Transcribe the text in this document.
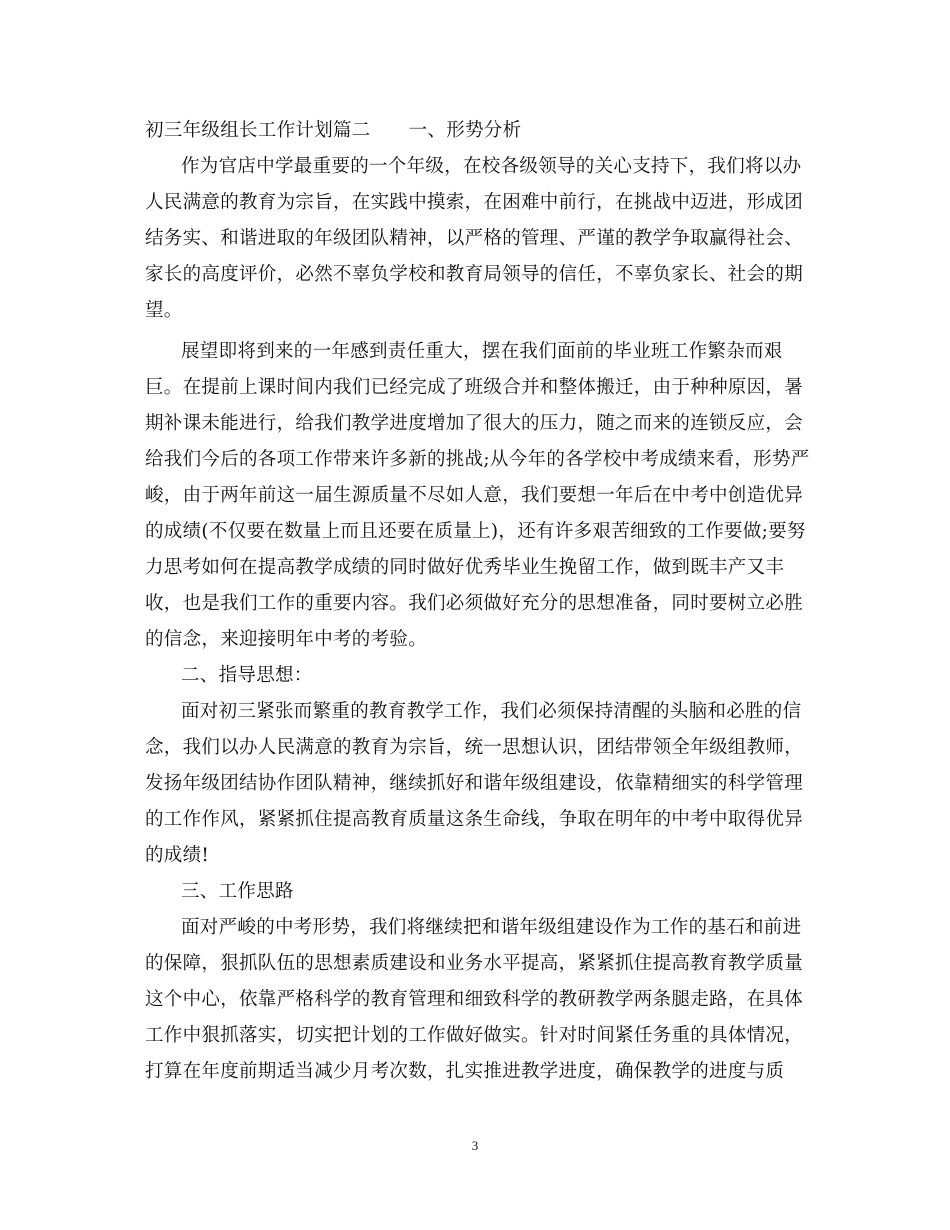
初三年级组长工作计划篇二 一、形势分析
作为官店中学最重要的一个年级，在校各级领导的关心支持下，我们将以办
人民满意的教育为宗旨，在实践中摸索，在困难中前行，在挑战中迈进，形成团
结务实、和谐进取的年级团队精神，以严格的管理、严谨的教学争取赢得社会、
家长的高度评价，必然不辜负学校和教育局领导的信任，不辜负家长、社会的期
望。
展望即将到来的一年感到责任重大，摆在我们面前的毕业班工作繁杂而艰
巨。在提前上课时间内我们已经完成了班级合并和整体搬迁，由于种种原因，暑
期补课未能进行，给我们教学进度增加了很大的压力，随之而来的连锁反应，会
给我们今后的各项工作带来许多新的挑战;从今年的各学校中考成绩来看，形势严
峻，由于两年前这一届生源质量不尽如人意，我们要想一年后在中考中创造优异
的成绩(不仅要在数量上而且还要在质量上)，还有许多艰苦细致的工作要做;要努
力思考如何在提高教学成绩的同时做好优秀毕业生挽留工作，做到既丰产又丰
收，也是我们工作的重要内容。我们必须做好充分的思想准备，同时要树立必胜
的信念，来迎接明年中考的考验。
二、指导思想：
面对初三紧张而繁重的教育教学工作，我们必须保持清醒的头脑和必胜的信
念，我们以办人民满意的教育为宗旨，统一思想认识，团结带领全年级组教师，
发扬年级团结协作团队精神，继续抓好和谐年级组建设，依靠精细实的科学管理
的工作作风，紧紧抓住提高教育质量这条生命线，争取在明年的中考中取得优异
的成绩!
三、工作思路
面对严峻的中考形势，我们将继续把和谐年级组建设作为工作的基石和前进
的保障，狠抓队伍的思想素质建设和业务水平提高，紧紧抓住提高教育教学质量
这个中心，依靠严格科学的教育管理和细致科学的教研教学两条腿走路，在具体
工作中狠抓落实，切实把计划的工作做好做实。针对时间紧任务重的具体情况，
打算在年度前期适当减少月考次数，扎实推进教学进度，确保教学的进度与质
3
